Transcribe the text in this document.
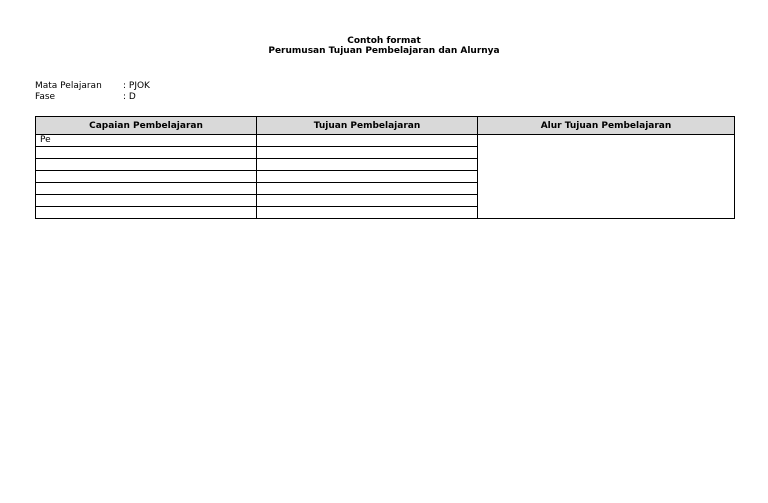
Contoh format
Perumusan Tujuan Pembelajaran dan Alurnya
Mata Pelajaran : PJOK
Fase	: D
Capaian Pembelajaran	Tujuan Pembelajaran	Alur Tujuan Pembelajaran
Pe		
